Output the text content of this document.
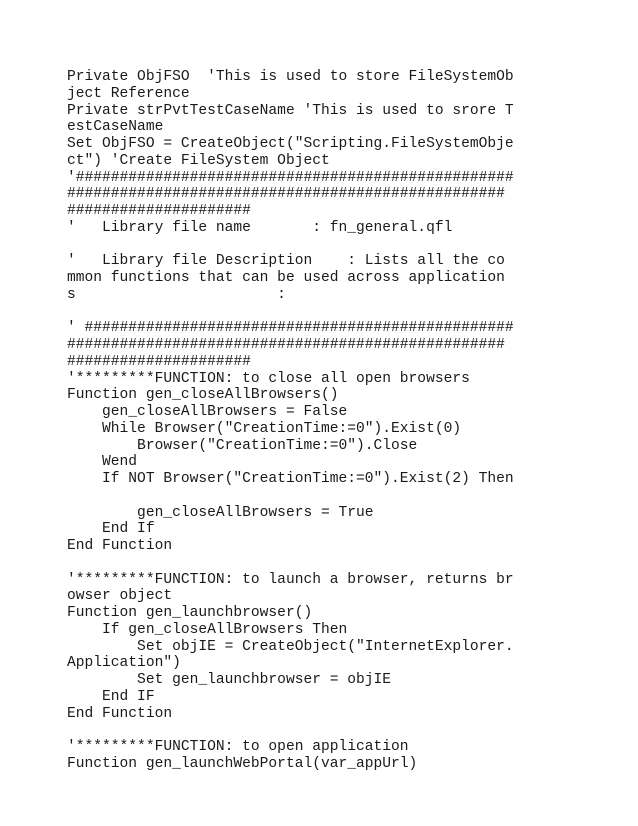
Private ObjFSO  'This is used to store FileSystemOb
ject Reference
Private strPvtTestCaseName 'This is used to srore T
estCaseName
Set ObjFSO = CreateObject("Scripting.FileSystemObje
ct") 'Create FileSystem Object
'##################################################
##################################################
#####################
'   Library file name       : fn_general.qfl
'   Library file Description    : Lists all the co
mmon functions that can be used across application
s                       :
' #################################################
##################################################
#####################
'*********FUNCTION: to close all open browsers
Function gen_closeAllBrowsers()
gen_closeAllBrowsers = False
While Browser("CreationTime:=0").Exist(0)
Browser("CreationTime:=0").Close
Wend
If NOT Browser("CreationTime:=0").Exist(2) Then
gen_closeAllBrowsers = True
End If
End Function
'*********FUNCTION: to launch a browser, returns br
owser object
Function gen_launchbrowser()
If gen_closeAllBrowsers Then
Set objIE = CreateObject("InternetExplorer.
Application")
Set gen_launchbrowser = objIE
End IF
End Function
'*********FUNCTION: to open application
Function gen_launchWebPortal(var_appUrl)
